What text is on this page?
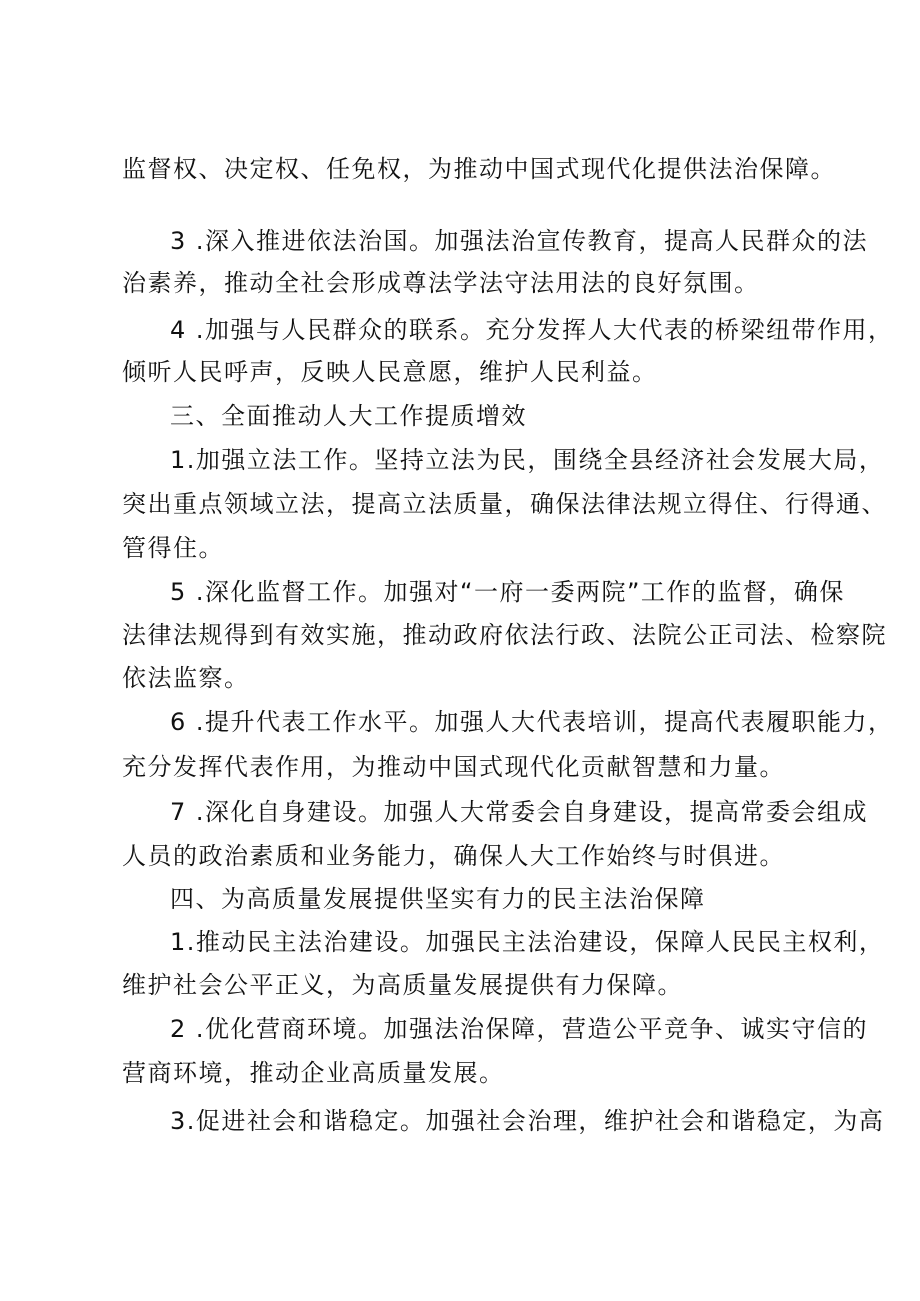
监督权、决定权、任免权，为推动中国式现代化提供法治保障。
3 .深入推进依法治国。加强法治宣传教育，提高人民群众的法
治素养，推动全社会形成尊法学法守法用法的良好氛围。
4 .加强与人民群众的联系。充分发挥人大代表的桥梁纽带作用，
倾听人民呼声，反映人民意愿，维护人民利益。
三、全面推动人大工作提质增效
1.加强立法工作。坚持立法为民，围绕全县经济社会发展大局，
突出重点领域立法，提高立法质量，确保法律法规立得住、行得通、
管得住。
5 .深化监督工作。加强对“一府一委两院”工作的监督，确保
法律法规得到有效实施，推动政府依法行政、法院公正司法、检察院
依法监察。
6 .提升代表工作水平。加强人大代表培训，提高代表履职能力，
充分发挥代表作用，为推动中国式现代化贡献智慧和力量。
7 .深化自身建设。加强人大常委会自身建设，提高常委会组成
人员的政治素质和业务能力，确保人大工作始终与时俱进。
四、为高质量发展提供坚实有力的民主法治保障
1.推动民主法治建设。加强民主法治建设，保障人民民主权利，
维护社会公平正义，为高质量发展提供有力保障。
2 .优化营商环境。加强法治保障，营造公平竞争、诚实守信的
营商环境，推动企业高质量发展。
3.促进社会和谐稳定。加强社会治理，维护社会和谐稳定，为高
